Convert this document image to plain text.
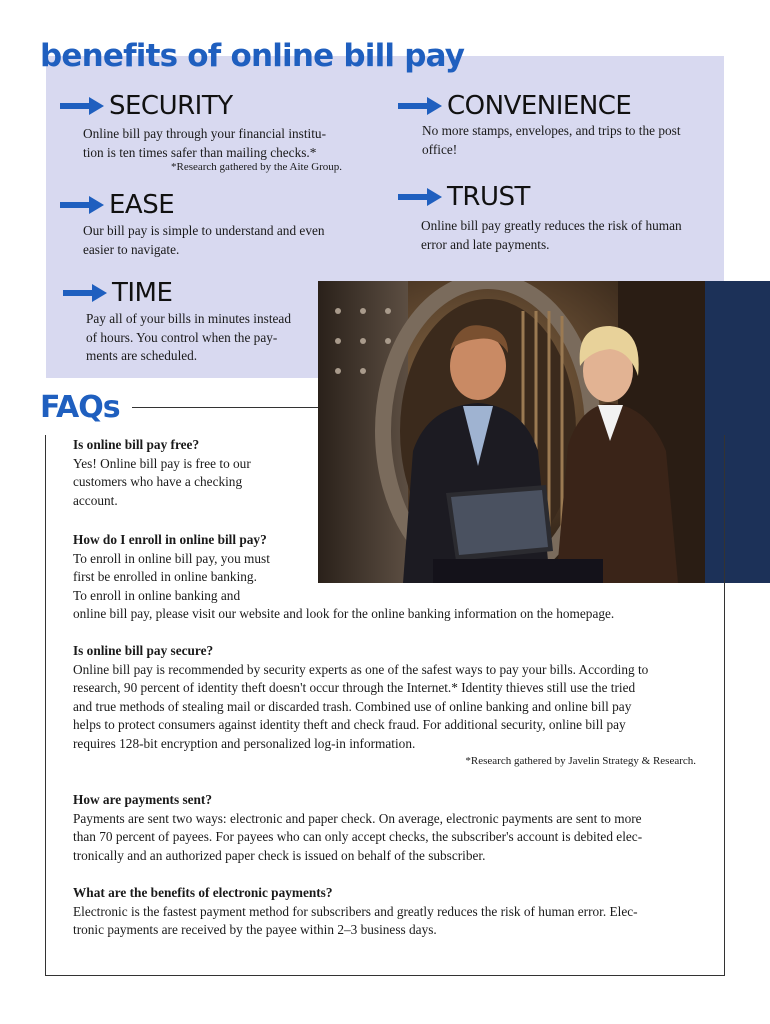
benefits of online bill pay
SECURITY
Online bill pay through your financial institu-
tion is ten times safer than mailing checks.*
*Research gathered by the Aite Group.
CONVENIENCE
No more stamps, envelopes, and trips to the post
office!
EASE
Our bill pay is simple to understand and even
easier to navigate.
TRUST
Online bill pay greatly reduces the risk of human
error and late payments.
TIME
Pay all of your bills in minutes instead
of hours. You control when the pay-
ments are scheduled.
FAQs
Is online bill pay free?
Yes! Online bill pay is free to our
customers who have a checking
account.
How do I enroll in online bill pay?
To enroll in online bill pay, you must
first be enrolled in online banking.
To enroll in online banking and
online bill pay, please visit our website and look for the online banking information on the homepage.
Is online bill pay secure?
Online bill pay is recommended by security experts as one of the safest ways to pay your bills. According to
research, 90 percent of identity theft doesn't occur through the Internet.* Identity thieves still use the tried
and true methods of stealing mail or discarded trash. Combined use of online banking and online bill pay
helps to protect consumers against identity theft and check fraud. For additional security, online bill pay
requires 128-bit encryption and personalized log-in information.
*Research gathered by Javelin Strategy & Research.
How are payments sent?
Payments are sent two ways: electronic and paper check. On average, electronic payments are sent to more
than 70 percent of payees. For payees who can only accept checks, the subscriber's account is debited elec-
tronically and an authorized paper check is issued on behalf of the subscriber.
What are the benefits of electronic payments?
Electronic is the fastest payment method for subscribers and greatly reduces the risk of human error. Elec-
tronic payments are received by the payee within 2–3 business days.
